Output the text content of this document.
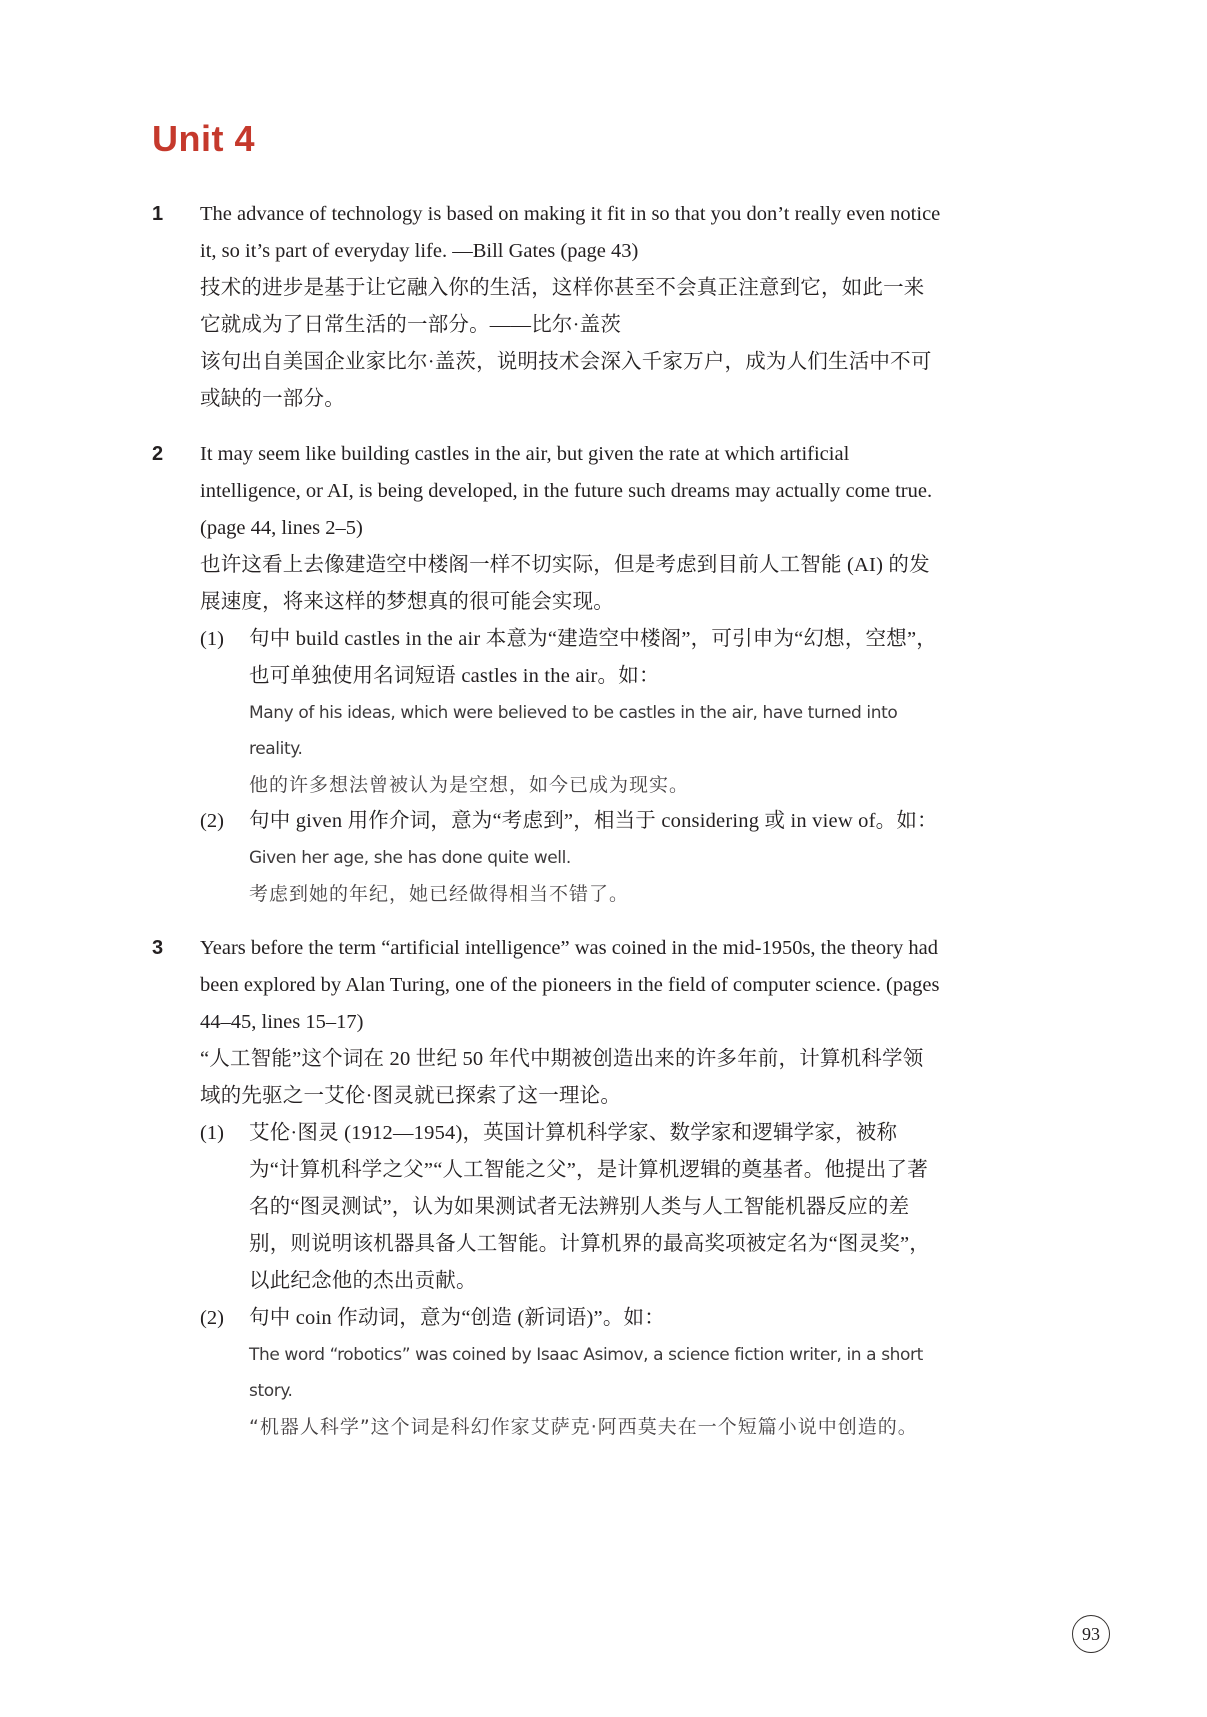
Unit 4
1	The advance of technology is based on making it fit in so that you don’t really even notice it, so it’s part of everyday life. —Bill Gates (page 43)

技术的进步是基于让它融入你的生活，这样你甚至不会真正注意到它，如此一来它就成为了日常生活的一部分。——比尔·盖茨

该句出自美国企业家比尔·盖茨，说明技术会深入千家万户，成为人们生活中不可或缺的一部分。

2	It may seem like building castles in the air, but given the rate at which artificial intelligence, or AI, is being developed, in the future such dreams may actually come true. (page 44, lines 2–5)

也许这看上去像建造空中楼阁一样不切实际，但是考虑到目前人工智能 (AI) 的发展速度，将来这样的梦想真的很可能会实现。

(1)	句中 build castles in the air 本意为“建造空中楼阁”，可引申为“幻想，空想”，也可单独使用名词短语 castles in the air。如：

Many of his ideas, which were believed to be castles in the air, have turned into reality.

他的许多想法曾被认为是空想，如今已成为现实。

(2)	句中 given 用作介词，意为“考虑到”，相当于 considering 或 in view of。如：

Given her age, she has done quite well.

考虑到她的年纪，她已经做得相当不错了。

3	Years before the term “artificial intelligence” was coined in the mid-1950s, the theory had been explored by Alan Turing, one of the pioneers in the field of computer science. (pages 44–45, lines 15–17)

“人工智能”这个词在 20 世纪 50 年代中期被创造出来的许多年前，计算机科学领域的先驱之一艾伦·图灵就已探索了这一理论。

(1)	艾伦·图灵 (1912—1954)，英国计算机科学家、数学家和逻辑学家，被称为“计算机科学之父”“人工智能之父”，是计算机逻辑的奠基者。他提出了著名的“图灵测试”，认为如果测试者无法辨别人类与人工智能机器反应的差别，则说明该机器具备人工智能。计算机界的最高奖项被定名为“图灵奖”，以此纪念他的杰出贡献。

(2)	句中 coin 作动词，意为“创造 (新词语)”。如：

The word “robotics” was coined by Isaac Asimov, a science fiction writer, in a short story.

“机器人科学”这个词是科幻作家艾萨克·阿西莫夫在一个短篇小说中创造的。

93
